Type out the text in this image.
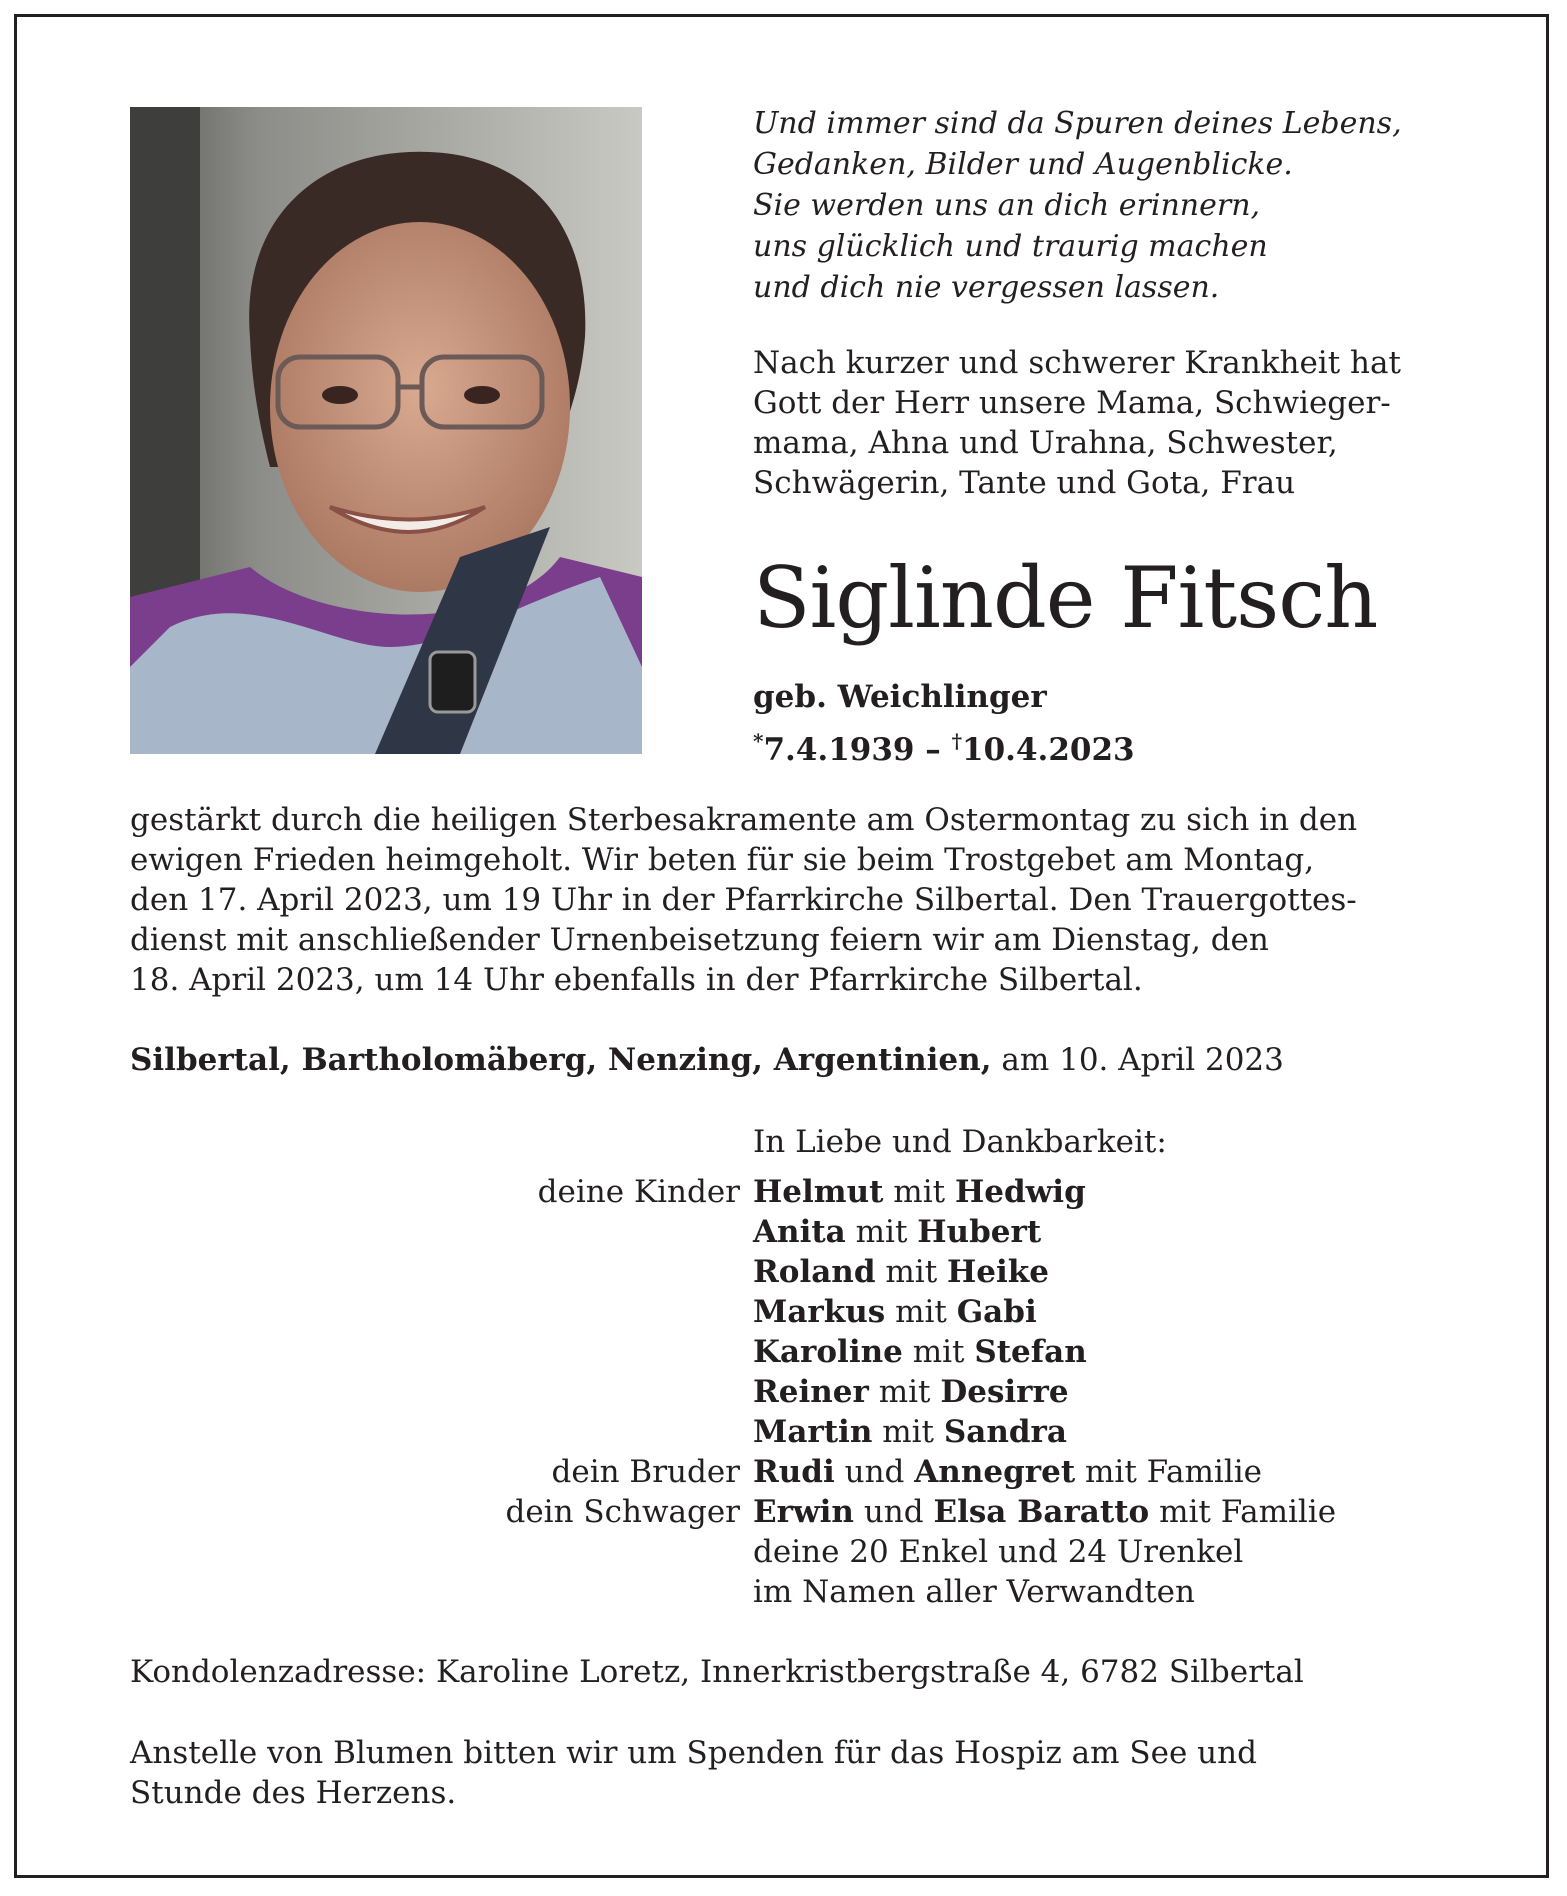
Und immer sind da Spuren deines Lebens,
Gedanken, Bilder und Augenblicke.
Sie werden uns an dich erinnern,
uns glücklich und traurig machen
und dich nie vergessen lassen.
Nach kurzer und schwerer Krankheit hat
Gott der Herr unsere Mama, Schwieger-
mama, Ahna und Urahna, Schwester,
Schwägerin, Tante und Gota, Frau
Siglinde Fitsch
geb. Weichlinger
*7.4.1939 – †10.4.2023
gestärkt durch die heiligen Sterbesakramente am Ostermontag zu sich in den
ewigen Frieden heimgeholt. Wir beten für sie beim Trostgebet am Montag,
den 17. April 2023, um 19 Uhr in der Pfarrkirche Silbertal. Den Trauergottes-
dienst mit anschließender Urnenbeisetzung feiern wir am Dienstag, den
18. April 2023, um 14 Uhr ebenfalls in der Pfarrkirche Silbertal.
Silbertal, Bartholomäberg, Nenzing, Argentinien, am 10. April 2023
In Liebe und Dankbarkeit:
deine Kinder Helmut mit Hedwig
Anita mit Hubert
Roland mit Heike
Markus mit Gabi
Karoline mit Stefan
Reiner mit Desirre
Martin mit Sandra
dein Bruder Rudi und Annegret mit Familie
dein Schwager Erwin und Elsa Baratto mit Familie
deine 20 Enkel und 24 Urenkel
im Namen aller Verwandten
Kondolenzadresse: Karoline Loretz, Innerkristbergstraße 4, 6782 Silbertal
Anstelle von Blumen bitten wir um Spenden für das Hospiz am See und
Stunde des Herzens.
